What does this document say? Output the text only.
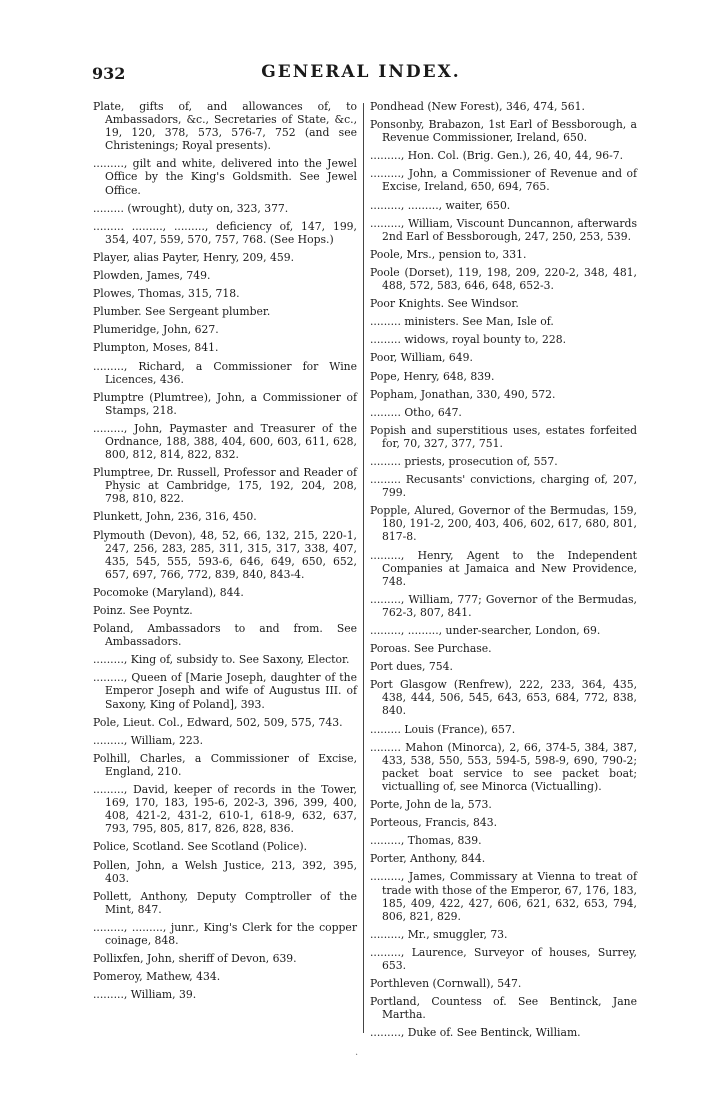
932	GENERAL INDEX.
Plate, gifts of, and allowances of, to Ambassadors, &c., Secretaries of State, &c., 19, 120, 378, 573, 576-7, 752 (and see Christenings; Royal presents).
........., gilt and white, delivered into the Jewel Office by the King's Goldsmith. See Jewel Office.
......... (wrought), duty on, 323, 377.
......... ........., ........., deficiency of, 147, 199, 354, 407, 559, 570, 757, 768. (See Hops.)
Player, alias Payter, Henry, 209, 459.
Plowden, James, 749.
Plowes, Thomas, 315, 718.
Plumber. See Sergeant plumber.
Plumeridge, John, 627.
Plumpton, Moses, 841.
........., Richard, a Commissioner for Wine Licences, 436.
Plumptre (Plumtree), John, a Commissioner of Stamps, 218.
........., John, Paymaster and Treasurer of the Ordnance, 188, 388, 404, 600, 603, 611, 628, 800, 812, 814, 822, 832.
Plumptree, Dr. Russell, Professor and Reader of Physic at Cambridge, 175, 192, 204, 208, 798, 810, 822.
Plunkett, John, 236, 316, 450.
Plymouth (Devon), 48, 52, 66, 132, 215, 220-1, 247, 256, 283, 285, 311, 315, 317, 338, 407, 435, 545, 555, 593-6, 646, 649, 650, 652, 657, 697, 766, 772, 839, 840, 843-4.
Pocomoke (Maryland), 844.
Poinz. See Poyntz.
Poland, Ambassadors to and from. See Ambassadors.
........., King of, subsidy to. See Saxony, Elector.
........., Queen of [Marie Joseph, daughter of the Emperor Joseph and wife of Augustus III. of Saxony, King of Poland], 393.
Pole, Lieut. Col., Edward, 502, 509, 575, 743.
........., William, 223.
Polhill, Charles, a Commissioner of Excise, England, 210.
........., David, keeper of records in the Tower, 169, 170, 183, 195-6, 202-3, 396, 399, 400, 408, 421-2, 431-2, 610-1, 618-9, 632, 637, 793, 795, 805, 817, 826, 828, 836.
Police, Scotland. See Scotland (Police).
Pollen, John, a Welsh Justice, 213, 392, 395, 403.
Pollett, Anthony, Deputy Comptroller of the Mint, 847.
........., ........., junr., King's Clerk for the copper coinage, 848.
Pollixfen, John, sheriff of Devon, 639.
Pomeroy, Mathew, 434.
........., William, 39.
Pondhead (New Forest), 346, 474, 561.
Ponsonby, Brabazon, 1st Earl of Bessborough, a Revenue Commissioner, Ireland, 650.
........., Hon. Col. (Brig. Gen.), 26, 40, 44, 96-7.
........., John, a Commissioner of Revenue and of Excise, Ireland, 650, 694, 765.
........., ........., waiter, 650.
........., William, Viscount Duncannon, afterwards 2nd Earl of Bessborough, 247, 250, 253, 539.
Poole, Mrs., pension to, 331.
Poole (Dorset), 119, 198, 209, 220-2, 348, 481, 488, 572, 583, 646, 648, 652-3.
Poor Knights. See Windsor.
......... ministers. See Man, Isle of.
......... widows, royal bounty to, 228.
Poor, William, 649.
Pope, Henry, 648, 839.
Popham, Jonathan, 330, 490, 572.
......... Otho, 647.
Popish and superstitious uses, estates forfeited for, 70, 327, 377, 751.
......... priests, prosecution of, 557.
......... Recusants' convictions, charging of, 207, 799.
Popple, Alured, Governor of the Bermudas, 159, 180, 191-2, 200, 403, 406, 602, 617, 680, 801, 817-8.
........., Henry, Agent to the Independent Companies at Jamaica and New Providence, 748.
........., William, 777; Governor of the Bermudas, 762-3, 807, 841.
........., ........., under-searcher, London, 69.
Poroas. See Purchase.
Port dues, 754.
Port Glasgow (Renfrew), 222, 233, 364, 435, 438, 444, 506, 545, 643, 653, 684, 772, 838, 840.
......... Louis (France), 657.
......... Mahon (Minorca), 2, 66, 374-5, 384, 387, 433, 538, 550, 553, 594-5, 598-9, 690, 790-2; packet boat service to see packet boat; victualling of, see Minorca (Victualling).
Porte, John de la, 573.
Porteous, Francis, 843.
........., Thomas, 839.
Porter, Anthony, 844.
........., James, Commissary at Vienna to treat of trade with those of the Emperor, 67, 176, 183, 185, 409, 422, 427, 606, 621, 632, 653, 794, 806, 821, 829.
........., Mr., smuggler, 73.
........., Laurence, Surveyor of houses, Surrey, 653.
Porthleven (Cornwall), 547.
Portland, Countess of. See Bentinck, Jane Martha.
........., Duke of. See Bentinck, William.
.
